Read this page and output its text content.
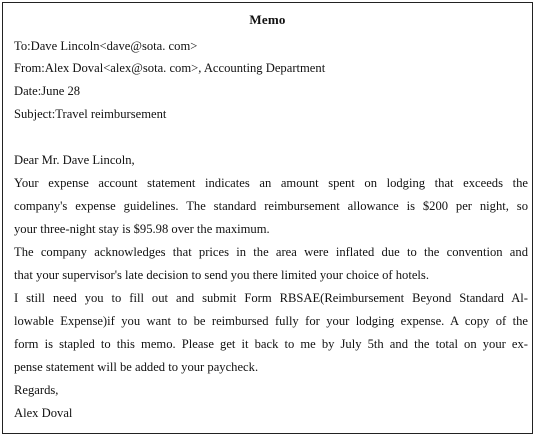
Memo
To:Dave Lincoln<dave@sota. com>
From:Alex Doval<alex@sota. com>, Accounting Department
Date:June 28
Subject:Travel reimbursement
Dear Mr. Dave Lincoln,
Your expense account statement indicates an amount spent on lodging that exceeds the
company's expense guidelines. The standard reimbursement allowance is $200 per night, so
your three-night stay is $95.98 over the maximum.
The company acknowledges that prices in the area were inflated due to the convention and
that your supervisor's late decision to send you there limited your choice of hotels.
I still need you to fill out and submit Form RBSAE(Reimbursement Beyond Standard Al-
lowable Expense)if you want to be reimbursed fully for your lodging expense. A copy of the
form is stapled to this memo. Please get it back to me by July 5th and the total on your ex-
pense statement will be added to your paycheck.
Regards,
Alex Doval
